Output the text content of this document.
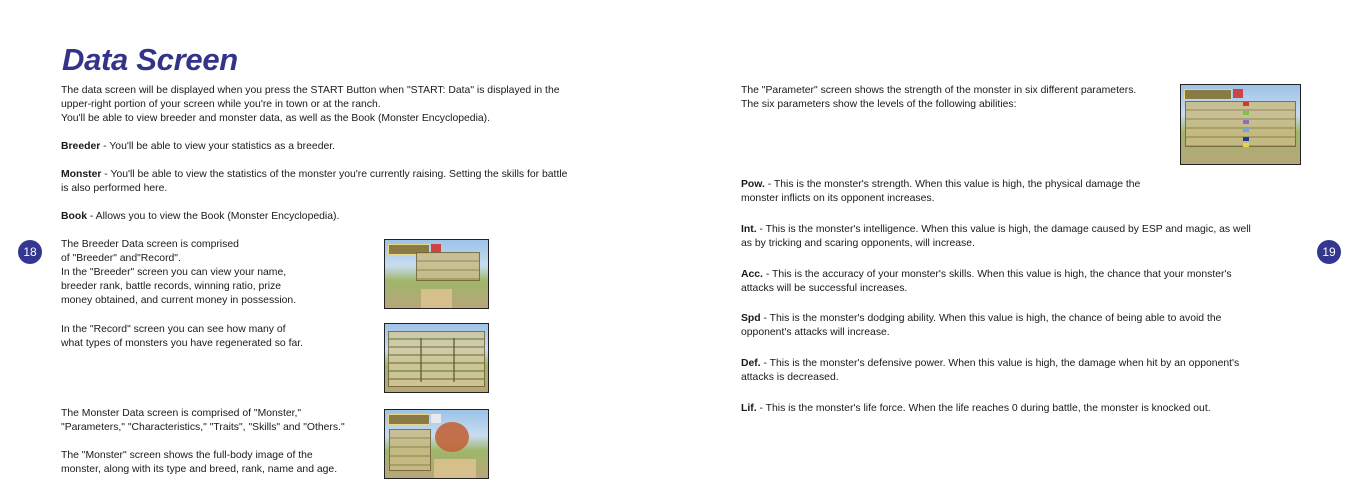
Data Screen
The data screen will be displayed when you press the START Button when "START: Data" is displayed in the
upper-right portion of your screen while you're in town or at the ranch.
You'll be able to view breeder and monster data, as well as the Book (Monster Encyclopedia).
Breeder - You'll be able to view your statistics as a breeder.
Monster - You'll be able to view the statistics of the monster you're currently raising. Setting the skills for battle
is also performed here.
Book - Allows you to view the Book (Monster Encyclopedia).
18
The Breeder Data screen is comprised
of "Breeder" and"Record".
In the "Breeder" screen you can view your name,
breeder rank, battle records, winning ratio, prize
money obtained, and current money in possession.
In the "Record" screen you can see how many of
what types of monsters you have regenerated so far.
The Monster Data screen is comprised of "Monster,"
"Parameters," "Characteristics," "Traits", "Skills" and "Others."
The "Monster" screen shows the full-body image of the
monster, along with its type and breed, rank, name and age.
The "Parameter" screen shows the strength of the monster in six different parameters.
The six parameters show the levels of the following abilities:
Pow. - This is the monster's strength. When this value is high, the physical damage the
monster inflicts on its opponent increases.
Int. - This is the monster's intelligence. When this value is high, the damage caused by ESP and magic, as well
as by tricking and scaring opponents, will increase.
Acc. - This is the accuracy of your monster's skills. When this value is high, the chance that your monster's
attacks will be successful increases.
Spd - This is the monster's dodging ability. When this value is high, the chance of being able to avoid the
opponent's attacks will increase.
Def. - This is the monster's defensive power. When this value is high, the damage when hit by an opponent's
attacks is decreased.
Lif. - This is the monster's life force. When the life reaches 0 during battle, the monster is knocked out.
19
